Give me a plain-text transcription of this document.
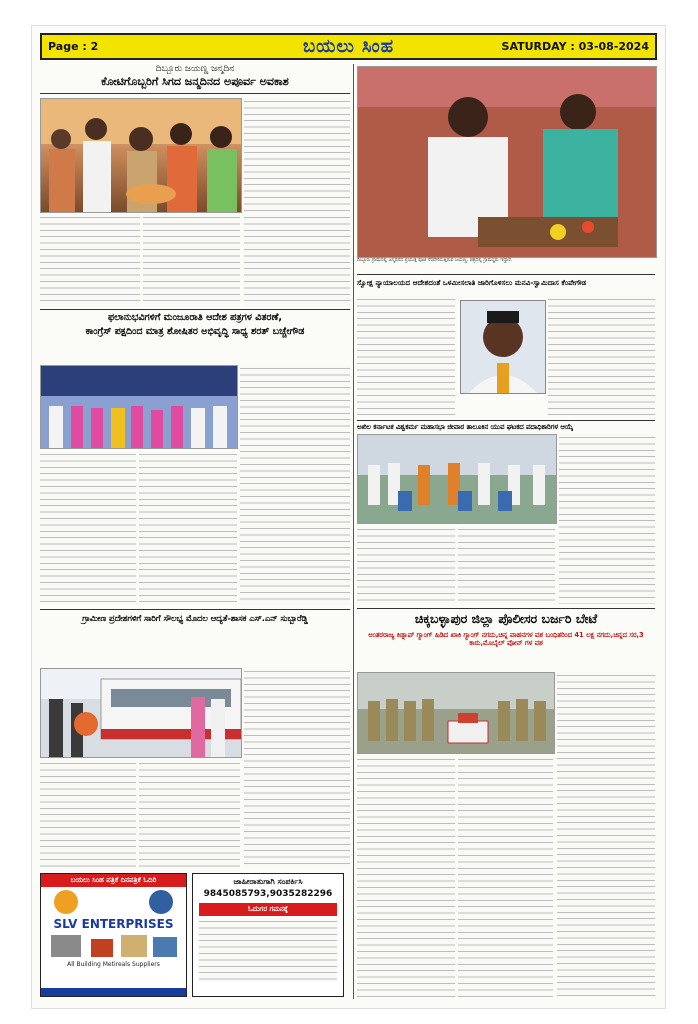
Page : 2	ಬಯಲು ಸಿಂಹ	SATURDAY : 03-08-2024
ದಿಬ್ಬೂರು ಜಯಣ್ಣ ಜನ್ಮದಿನ
ಕೋಟಿಗೊಬ್ಬರಿಗೆ ಸಿಗದ ಜನ್ಮದಿನದ ಅಪೂರ್ವ ಅವಕಾಶ
ಫಲಾನುಭವಿಗಳಿಗೆ ಮಂಜೂರಾತಿ ಆದೇಶ ಪತ್ರಗಳ ವಿತರಣೆ,
ಕಾಂಗ್ರೆಸ್ ಪಕ್ಷದಿಂದ ಮಾತ್ರ ಶೋಷಿತರ ಅಭಿವೃದ್ಧಿ ಸಾಧ್ಯ ಶರತ್ ಬಚ್ಚೇಗೌಡ
ಗ್ರಾಮೀಣ ಪ್ರದೇಶಗಳಿಗೆ ಸಾರಿಗೆ ಸೌಲಭ್ಯ ಮೊದಲ ಆದ್ಯತೆ-ಶಾಸಕ ಎಸ್.ಎನ್ ಸುಬ್ಬಾರೆಡ್ಡಿ
ಬಯಲು ಸಿಂಹ ಪತ್ರಿಕೆ ದಿನಪತ್ರಿಕೆ ಓದಿರಿ
SLV ENTERPRISES
All Building Metireals Suppliers
ಜಾಹೀರಾತುಗಾಗಿ ಸಂಪರ್ಕಿಸಿ
9845085793,9035282296
ಓದುಗರ ಗಮನಕ್ಕೆ
ದಿಬ್ಬೂರು ಗ್ರಾಮದಲ್ಲಿ ಜನ್ಮದಿನದ ಪ್ರಯುಕ್ತ ಪೂಜೆ ನೆರವೇರಿಸುತ್ತಿರುವ ಜಯಣ್ಣ, ಚಿತ್ರದಲ್ಲಿ ಗ್ರಾಮಸ್ಥರು ಇದ್ದಾರೆ.
ಸ್ವೋಕ್ಷ ನ್ಯಾಯಾಲಯದ ಆದೇಶದಂತೆ ಒಳಮೀಸಲಾತಿ ಜಾರಿಗೊಳಿಸಲು ಮನವಿ-ಸ್ವಾಮಿದಾಸ ಕೆಂಪೇಗೌಡ
ಅಖಿಲ ಕರ್ನಾಟಕ ವಿಶ್ವಕರ್ಮ ಮಹಾಸಭಾ ಜೀವಾರ ತಾಲೂಕಿನ ಯುವ ಘಟಕದ ಪದಾಧಿಕಾರಿಗಳ ಆಯ್ಕೆ
ಚಿಕ್ಕಬಳ್ಳಾಪುರ ಜಿಲ್ಲಾ ಪೊಲೀಸರ ಬರ್ಜರಿ ಬೇಟೆ
ಅಂತರರಾಜ್ಯ ಕಿಡ್ನಾಪ್ ಗ್ಯಾಂಗ್ ಹಿಡಿದ ಖಾಕಿ ಗ್ಯಾಂಗ್ ನಗದು,ಚಿನ್ನ ವಾಹನಗಳ ವಶ ಬಂಧಿತರಿಂದ 41 ಲಕ್ಷ ನಗದು,ಚಿನ್ನದ ಸರ,3 ಕಾರು,ಮೊಬೈಲ್ ಪೋನ್ ಗಳ ವಶ
